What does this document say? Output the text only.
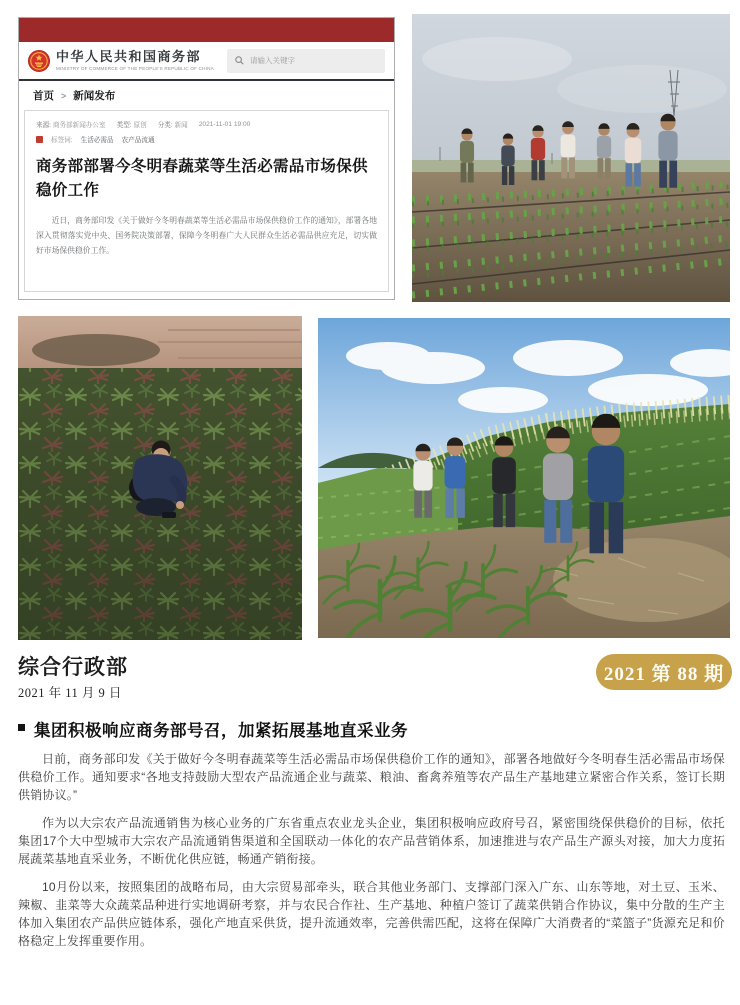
中华人民共和国商务部
MINISTRY OF COMMERCE OF THE PEOPLE'S REPUBLIC OF CHINA
请输入关键字
首页 > 新闻发布
来源: 商务部新闻办公室 类型: 原创 分类: 新闻 2021-11-01 19:00
标签词: 生活必需品 农产品流通
商务部部署今冬明春蔬菜等生活必需品市场保供稳价工作
近日，商务部印发《关于做好今冬明春蔬菜等生活必需品市场保供稳价工作的通知》，部署各地深入贯彻落实党中央、国务院决策部署，保障今冬明春广大人民群众生活必需品供应充足，切实做好市场保供稳价工作。
综合行政部
2021 年 11 月 9 日
2021 第 88 期
集团积极响应商务部号召，加紧拓展基地直采业务

日前，商务部印发《关于做好今冬明春蔬菜等生活必需品市场保供稳价工作的通知》，部署各地做好今冬明春生活必需品市场保供稳价工作。通知要求“各地支持鼓励大型农产品流通企业与蔬菜、粮油、畜禽养殖等农产品生产基地建立紧密合作关系，签订长期供销协议。”

作为以大宗农产品流通销售为核心业务的广东省重点农业龙头企业，集团积极响应政府号召，紧密围绕保供稳价的目标，依托集团17个大中型城市大宗农产品流通销售渠道和全国联动一体化的农产品营销体系，加速推进与农产品生产源头对接，加大力度拓展蔬菜基地直采业务，不断优化供应链，畅通产销衔接。

10月份以来，按照集团的战略布局，由大宗贸易部牵头，联合其他业务部门、支撑部门深入广东、山东等地，对土豆、玉米、辣椒、韭菜等大众蔬菜品种进行实地调研考察，并与农民合作社、生产基地、种植户签订了蔬菜供销合作协议，集中分散的生产主体加入集团农产品供应链体系，强化产地直采供货，提升流通效率，完善供需匹配，这将在保障广大消费者的“菜篮子”货源充足和价格稳定上发挥重要作用。
